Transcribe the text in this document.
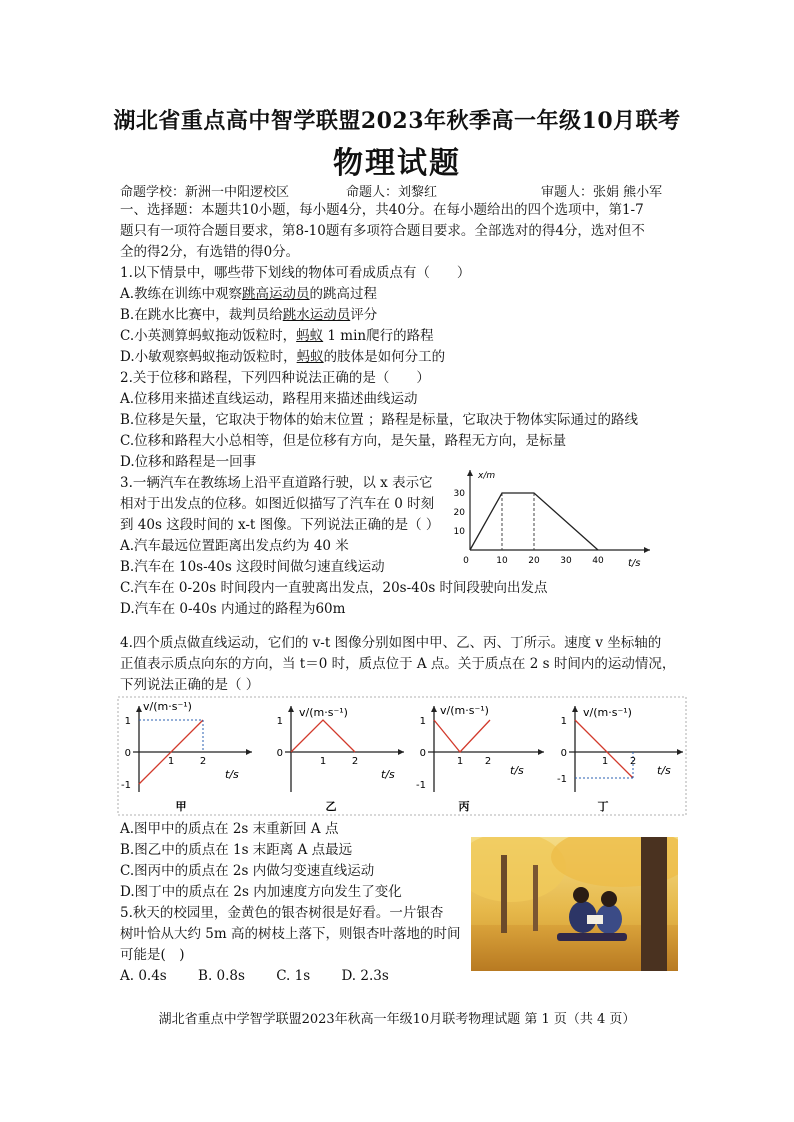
湖北省重点高中智学联盟2023年秋季高一年级10月联考
物理试题
命题学校：新洲一中阳逻校区	命题人：刘黎红	审题人：张娟 熊小军
一、选择题：本题共10小题，每小题4分，共40分。在每小题给出的四个选项中，第1-7
题只有一项符合题目要求，第8-10题有多项符合题目要求。全部选对的得4分，选对但不
全的得2分，有选错的得0分。
1.以下情景中，哪些带下划线的物体可看成质点有（　　）
A.教练在训练中观察跳高运动员的跳高过程
B.在跳水比赛中，裁判员给跳水运动员评分
C.小英测算蚂蚁拖动饭粒时，蚂蚁 1 min爬行的路程
D.小敏观察蚂蚁拖动饭粒时，蚂蚁的肢体是如何分工的
2.关于位移和路程，下列四种说法正确的是（　　）
A.位移用来描述直线运动，路程用来描述曲线运动
B.位移是矢量，它取决于物体的始末位置 ；路程是标量，它取决于物体实际通过的路线
C.位移和路程大小总相等，但是位移有方向，是矢量，路程无方向，是标量
D.位移和路程是一回事
3.一辆汽车在教练场上沿平直道路行驶，以 x 表示它
相对于出发点的位移。如图近似描写了汽车在 0 时刻
到 40s 这段时间的 x-t 图像。下列说法正确的是（ ）
A.汽车最远位置距离出发点约为 40 米
B.汽车在 10s-40s 这段时间做匀速直线运动
C.汽车在 0-20s 时间段内一直驶离出发点，20s-40s 时间段驶向出发点
D.汽车在 0-40s 内通过的路程为60m
x/m
t/s
0	10 20 30 40
10
20
30
4.四个质点做直线运动，它们的 v-t 图像分别如图中甲、乙、丙、丁所示。速度 v 坐标轴的
正值表示质点向东的方向，当 t＝0 时，质点位于 A 点。关于质点在 2 s 时间内的运动情况，
下列说法正确的是（ ）
v/(m·s⁻¹)
1
0
-1
1	2
t/s
甲
v/(m·s⁻¹)
1
0
1	2
t/s
乙
v/(m·s⁻¹)
1
0
-1
1 2
t/s
丙
v/(m·s⁻¹)
1
0
-1
1 2
t/s
丁
A.图甲中的质点在 2s 末重新回 A 点
B.图乙中的质点在 1s 末距离 A 点最远
C.图丙中的质点在 2s 内做匀变速直线运动
D.图丁中的质点在 2s 内加速度方向发生了变化
5.秋天的校园里，金黄色的银杏树很是好看。一片银杏
树叶恰从大约 5m 高的树枝上落下，则银杏叶落地的时间
可能是(　)
A. 0.4s　　 B. 0.8s　　 C. 1s　　 D. 2.3s
湖北省重点中学智学联盟2023年秋高一年级10月联考物理试题 第 1 页（共 4 页）
